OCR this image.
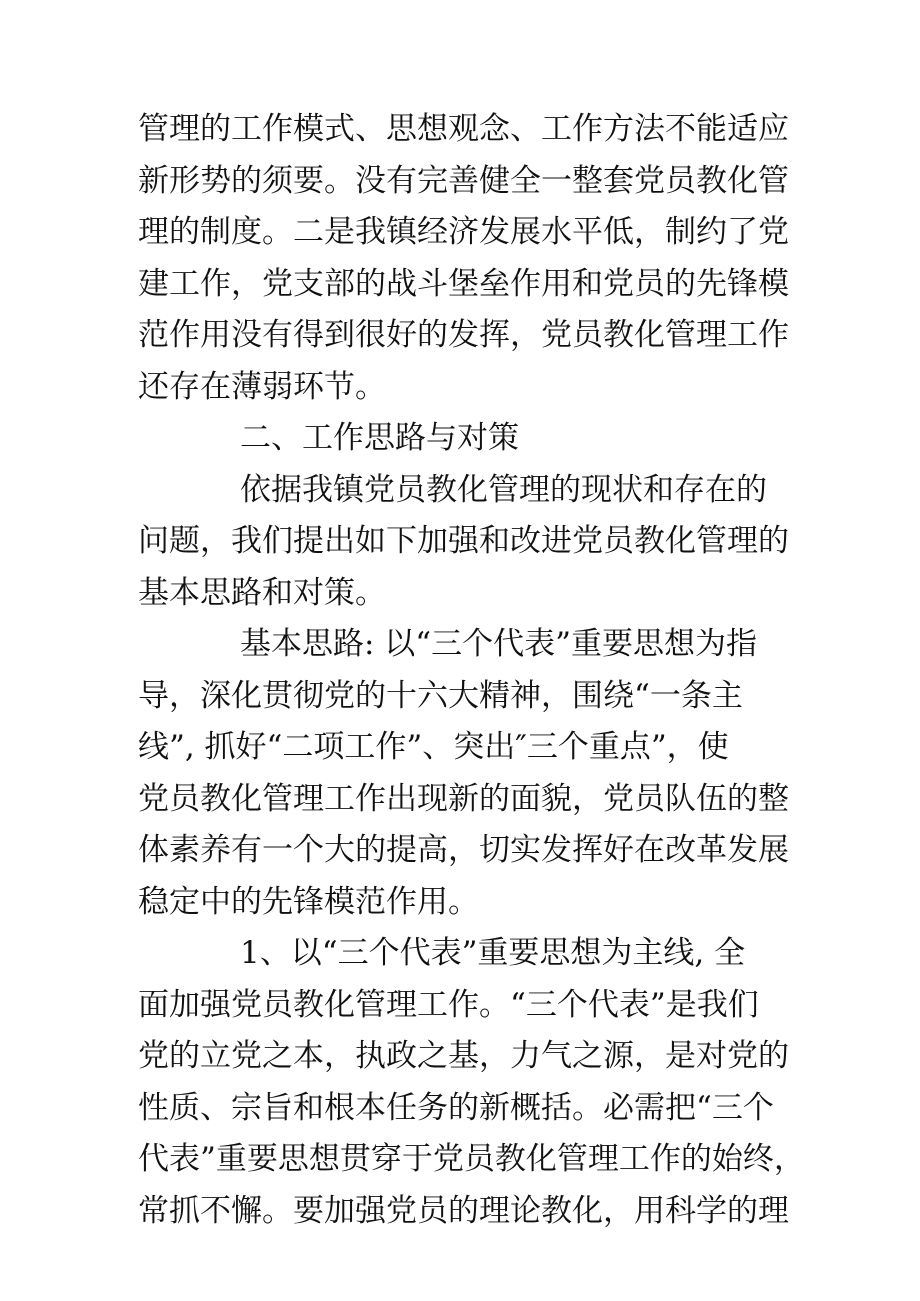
管理的工作模式、思想观念、工作方法不能适应
新形势的须要。没有完善健全一整套党员教化管
理的制度。二是我镇经济发展水平低，制约了党
建工作，党支部的战斗堡垒作用和党员的先锋模
范作用没有得到很好的发挥，党员教化管理工作
还存在薄弱环节。
二、工作思路与对策
依据我镇党员教化管理的现状和存在的
问题，我们提出如下加强和改进党员教化管理的
基本思路和对策。
基本思路: 以“三个代表”重要思想为指
导，深化贯彻党的十六大精神，围绕“一条主
线”, 抓好“二项工作”、突出″三个重点”，使
党员教化管理工作出现新的面貌，党员队伍的整
体素养有一个大的提高，切实发挥好在改革发展
稳定中的先锋模范作用。
1、以“三个代表”重要思想为主线, 全
面加强党员教化管理工作。“三个代表”是我们
党的立党之本，执政之基，力气之源，是对党的
性质、宗旨和根本任务的新概括。必需把“三个
代表”重要思想贯穿于党员教化管理工作的始终，
常抓不懈。要加强党员的理论教化，用科学的理
